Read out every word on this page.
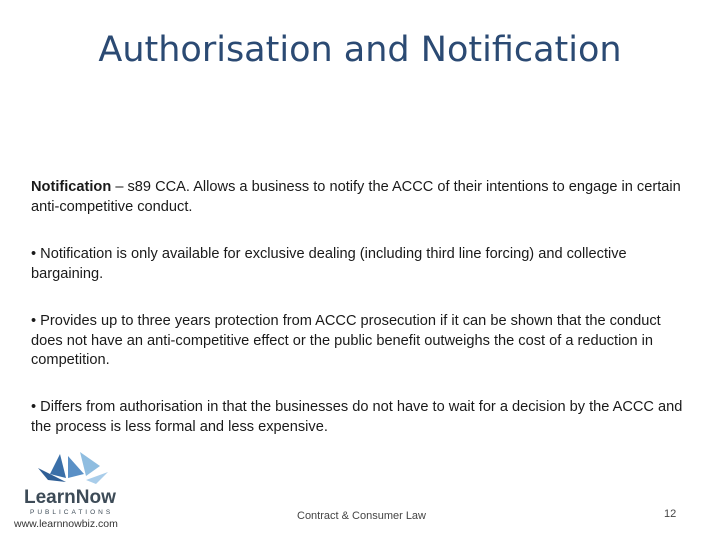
Authorisation and Notification
Notification – s89 CCA. Allows a business to notify the ACCC of their intentions to engage in certain anti-competitive conduct.
• Notification is only available for exclusive dealing (including third line forcing) and collective bargaining.
• Provides up to three years protection from ACCC prosecution if it can be shown that the conduct does not have an anti-competitive effect or the public benefit outweighs the cost of a reduction in competition.
• Differs from authorisation in that the businesses do not have to wait for a decision by the ACCC and the process is less formal and less expensive.
LearnNow
PUBLICATIONS
www.learnnowbiz.com
Contract & Consumer Law	12
